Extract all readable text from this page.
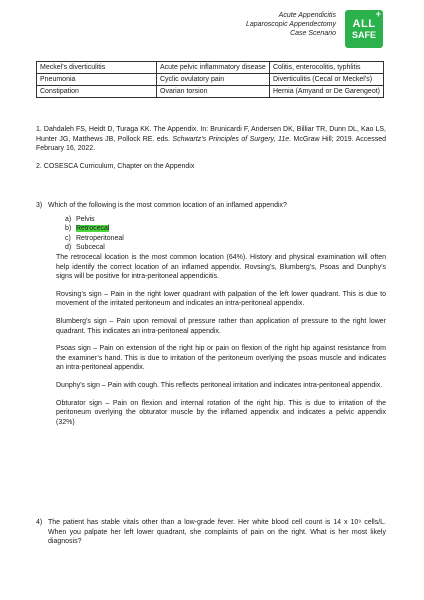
Acute Appendicitis
Laparoscopic Appendectomy
Case Scenario
+
ALL
SAFE
Meckel’s diverticulitis	Acute pelvic inflammatory disease	Colitis, enterocolitis, typhlitis
Pneumonia	Cyclic ovulatory pain	Diverticulitis (Cecal or Meckel’s)
Constipation	Ovarian torsion	Hernia (Amyand or De Garengeot)

1. Dahdaleh FS, Heidt D, Turaga KK. The Appendix. In: Brunicardi F, Andersen DK, Billiar TR, Dunn DL, Kao LS, Hunter JG, Matthews JB, Pollock RE. eds. Schwartz’s Principles of Surgery, 11e. McGraw Hill; 2019. Accessed February 16, 2022.

2. COSESCA Curriculum, Chapter on the Appendix

3) Which of the following is the most common location of an inflamed appendix?
a) Pelvis
b) Retrocecal
c) Retroperitoneal
d) Subcecal

The retrocecal location is the most common location (64%). History and physical examination will often help identify the correct location of an inflamed appendix. Rovsing’s, Blumberg’s, Psoas and Dunphy’s signs will be positive for intra-peritoneal appendicitis.

Rovsing’s sign – Pain in the right lower quadrant with palpation of the left lower quadrant. This is due to movement of the irritated peritoneum and indicates an intra-peritoneal appendix.

Blumberg’s sign – Pain upon removal of pressure rather than application of pressure to the right lower quadrant. This indicates an intra-peritoneal appendix.

Psoas sign – Pain on extension of the right hip or pain on flexion of the right hip against resistance from the examiner’s hand. This is due to irritation of the peritoneum overlying the psoas muscle and indicates an intra-peritoneal appendix.

Dunphy’s sign – Pain with cough. This reflects peritoneal irritation and indicates intra-peritoneal appendix.

Obturator sign – Pain on flexion and internal rotation of the right hip. This is due to irritation of the peritoneum overlying the obturator muscle by the inflamed appendix and indicates a pelvic appendix (32%)

4) The patient has stable vitals other than a low-grade fever. Her white blood cell count is 14 x 10⁹ cells/L. When you palpate her left lower quadrant, she complaints of pain on the right. What is her most likely diagnosis?
